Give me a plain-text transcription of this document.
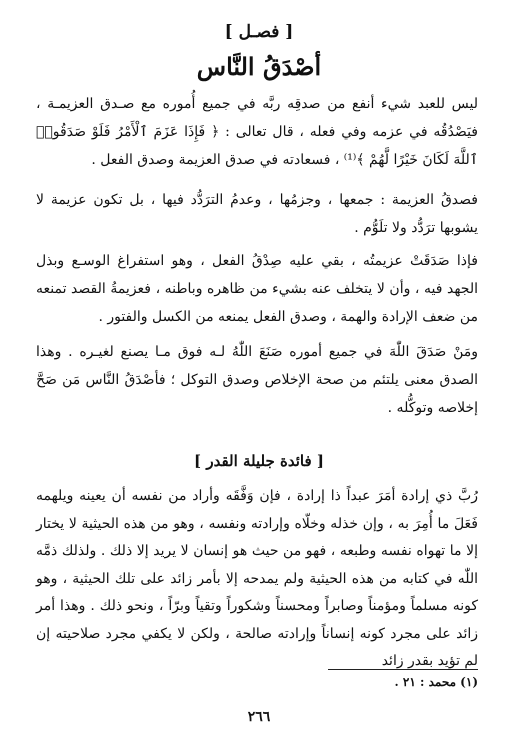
[ فصـل ]
أصْدَقُ النَّاس

ليس للعبد شيء أنفع من صدقِه ربَّه في جميع أُموره مع صـدق العزيمـة ، فيَصْدُقُه في عزمه وفي فعله ، قال تعالى : ﴿ فَإِذَا عَزَمَ ٱلْأَمْرُ فَلَوْ صَدَقُوا۟ ٱللَّهَ لَكَانَ خَيْرًا لَّهُمْ ﴾⁽¹⁾ ، فسعادته في صدق العزيمة وصدق الفعل .

فصدقُ العزيمة : جمعها ، وجزمُها ، وعدمُ الترَدُّد فيها ، بل تكون عزيمة لا يشوبها ترَدُّد ولا تلَوُّم .

فإذا صَدَقَتْ عزيمتُه ، بقي عليه صِدْقُ الفعل ، وهو استفراغ الوسـع وبذل الجهد فيه ، وأن لا يتخلف عنه بشيء من ظاهره وباطنه ، فعزيمةُ القصد تمنعه من ضعف الإرادة والهمة ، وصدق الفعل يمنعه من الكسل والفتور .

ومَنْ صَدَقَ اللّٰهَ في جميع أموره صَنَعَ اللّٰهُ لـه فوق مـا يصنع لغيـره . وهذا الصدق معنى يلتئم من صحة الإخلاص وصدق التوكل ؛ فأصْدَقُ النَّاس مَن صَحَّ إخلاصه وتوكُّله .

[ فائدة جليلة القدر ]

رُبَّ ذي إرادة أمَرَ عبداً ذا إرادة ، فإن وَفَّقَه وأراد من نفسه أن يعينه ويلهمه فَعَلَ ما أُمِرَ به ، وإن خذله وخلّاه وإرادته ونفسه ، وهو من هذه الحيثية لا يختار إلا ما تهواه نفسه وطبعه ، فهو من حيث هو إنسان لا يريد إلا ذلك . ولذلك ذمَّه اللّٰه في كتابه من هذه الحيثية ولم يمدحه إلا بأمر زائد على تلك الحيثية ، وهو كونه مسلماً ومؤمناً وصابراً ومحسناً وشكوراً وتقياً وبرّاً ، ونحو ذلك . وهذا أمر زائد على مجرد كونه إنساناً وإرادته صالحة ، ولكن لا يكفي مجرد صلاحيته إن لم تؤيد بقدر زائد

(١) محمد : ٢١ .
٢٦٦
